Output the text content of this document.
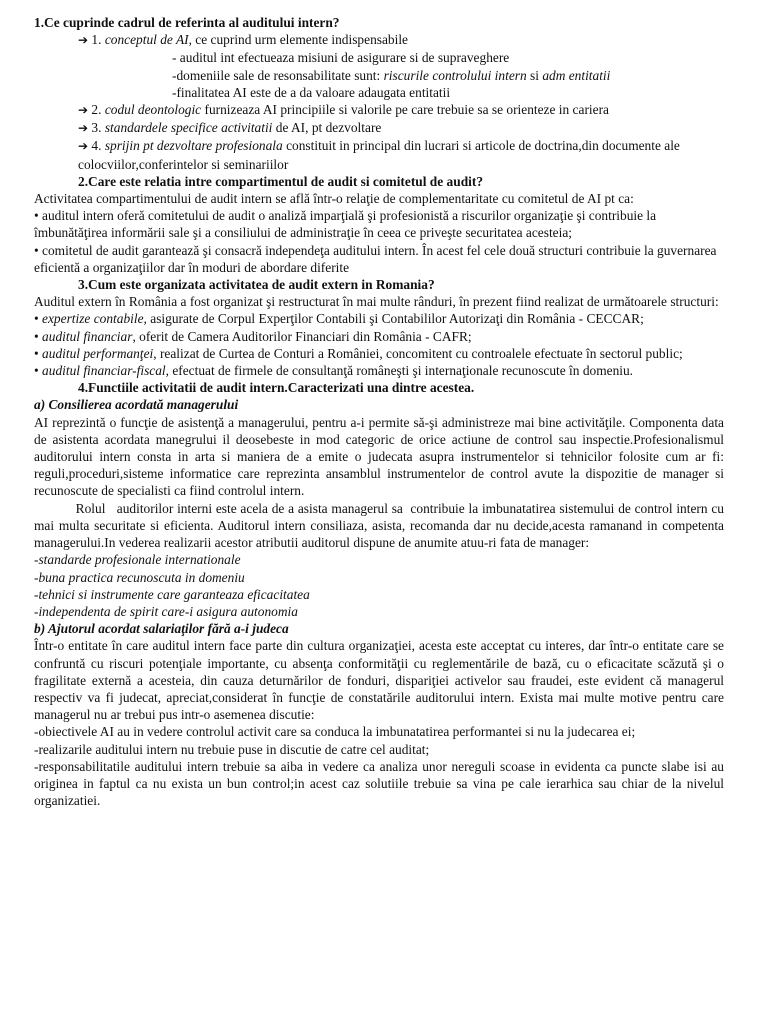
1.Ce cuprinde cadrul de referinta al auditului intern?

➔ 1. conceptul de AI, ce cuprind urm elemente indispensabile

- auditul int efectueaza misiuni de asigurare si de supraveghere

-domeniile sale de resonsabilitate sunt: riscurile controlului intern si adm entitatii

-finalitatea AI este de a da valoare adaugata entitatii

➔ 2. codul deontologic furnizeaza AI principiile si valorile pe care trebuie sa se orienteze in cariera

➔ 3. standardele specifice activitatii de AI, pt dezvoltare

➔ 4. sprijin pt dezvoltare profesionala constituit in principal din lucrari si articole de doctrina,din documente ale colocviilor,conferintelor si seminariilor

2.Care este relatia intre compartimentul de audit si comitetul de audit?

Activitatea compartimentului de audit intern se află într-o relaţie de complementaritate cu comitetul de AI pt ca:

• auditul intern oferă comitetului de audit o analiză imparţială şi profesionistă a riscurilor organizaţie şi contribuie la îmbunătăţirea informării sale şi a consiliului de administraţie în ceea ce priveşte securitatea acesteia;

• comitetul de audit garantează şi consacră independeţa auditului intern. În acest fel cele două structuri contribuie la guvernarea eficientă a organizaţiilor dar în moduri de abordare diferite

3.Cum este organizata activitatea de audit extern in Romania?

Auditul extern în România a fost organizat şi restructurat în mai multe rânduri, în prezent fiind realizat de următoarele structuri:

• expertize contabile, asigurate de Corpul Experţilor Contabili şi Contabililor Autorizaţi din România - CECCAR;

• auditul financiar, oferit de Camera Auditorilor Financiari din România - CAFR;

• auditul performanţei, realizat de Curtea de Conturi a României, concomitent cu controalele efectuate în sectorul public;

• auditul financiar-fiscal, efectuat de firmele de consultanţă româneşti şi internaţionale recunoscute în domeniu.

4.Functiile activitatii de audit intern.Caracterizati una dintre acestea.

a) Consilierea acordată managerului

AI reprezintă o funcţie de asistenţă a managerului, pentru a-i permite să-şi administreze mai bine activităţile. Componenta data de asistenta acordata manegrului il deosebeste in mod categoric de orice actiune de control sau inspectie.Profesionalismul auditorului intern consta in arta si maniera de a emite o judecata asupra instrumentelor si tehnicilor folosite cum ar fi: reguli,proceduri,sisteme informatice care reprezinta ansamblul instrumentelor de control avute la dispozitie de manager si recunoscute de specialisti ca fiind controlul intern.

Rolul   auditorilor interni este acela de a asista managerul sa  contribuie la imbunatatirea sistemului de control intern cu mai multa securitate si eficienta. Auditorul intern consiliaza, asista, recomanda dar nu decide,acesta ramanand in competenta managerului.In vederea realizarii acestor atributii auditorul dispune de anumite atuu-ri fata de manager:

-standarde profesionale internationale

-buna practica recunoscuta in domeniu

-tehnici si instrumente care garanteaza eficacitatea

-independenta de spirit care-i asigura autonomia

b) Ajutorul acordat salariaţilor fără a-i judeca

Într-o entitate în care auditul intern face parte din cultura organizaţiei, acesta este acceptat cu interes, dar într-o entitate care se confruntă cu riscuri potenţiale importante, cu absenţa conformităţii cu reglementările de bază, cu o eficacitate scăzută şi o fragilitate externă a acesteia, din cauza deturnărilor de fonduri, dispariţiei activelor sau fraudei, este evident că managerul respectiv va fi judecat, apreciat,considerat în funcţie de constatările auditorului intern. Exista mai multe motive pentru care managerul nu ar trebui pus intr-o asemenea discutie:

-obiectivele AI au in vedere controlul activit care sa conduca la imbunatatirea performantei si nu la judecarea ei;

-realizarile auditului intern nu trebuie puse in discutie de catre cel auditat;

-responsabilitatile auditului intern trebuie sa aiba in vedere ca analiza unor nereguli scoase in evidenta ca puncte slabe isi au originea in faptul ca nu exista un bun control;in acest caz solutiile trebuie sa vina pe cale ierarhica sau chiar de la nivelul organizatiei.
